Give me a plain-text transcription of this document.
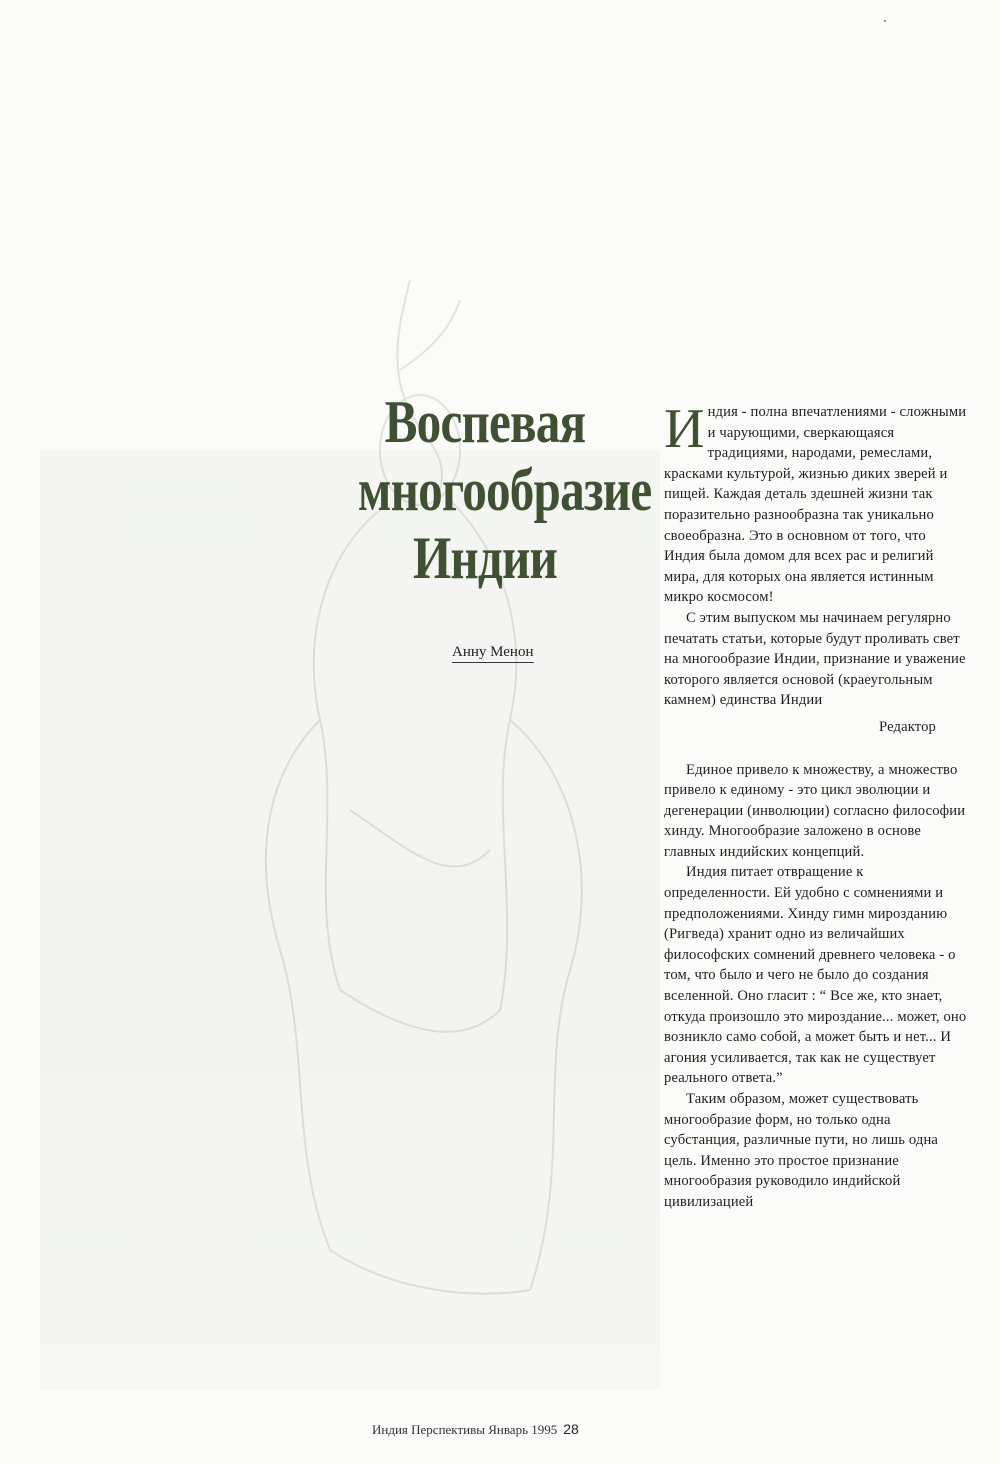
Воспевая
многообразие
Индии
Анну Менон

Индия - полна впечатлениями - сложными и чарующими, сверкающаяся традициями, народами, ремеслами, красками культурой, жизнью диких зверей и пищей. Каждая деталь здешней жизни так поразительно разнообразна так уникально своеобразна. Это в основном от того, что Индия была домом для всех рас и религий мира, для которых она является истинным микро космосом!

С этим выпуском мы начинаем регулярно печатать статьи, которые будут проливать свет на многообразие Индии, признание и уважение которого является основой (краеугольным камнем) единства Индии

Редактор

Единое привело к множеству, а множество привело к единому - это цикл эволюции и дегенерации (инволюции) согласно философии хинду. Многообразие заложено в основе главных индийских концепций.

Индия питает отвращение к определенности. Ей удобно с сомнениями и предположениями. Хинду гимн мирозданию (Ригведа) хранит одно из величайших философских сомнений древнего человека - о том, что было и чего не было до создания вселенной. Оно гласит : “ Все же, кто знает, откуда произошло это мироздание... может, оно возникло само собой, а может быть и нет... И агония усиливается, так как не существует реального ответа.”

Таким образом, может существовать многообразие форм, но только одна субстанция, различные пути, но лишь одна цель. Именно это простое признание многообразия руководило индийской цивилизацией

Индия Перспективы Январь 1995 28
